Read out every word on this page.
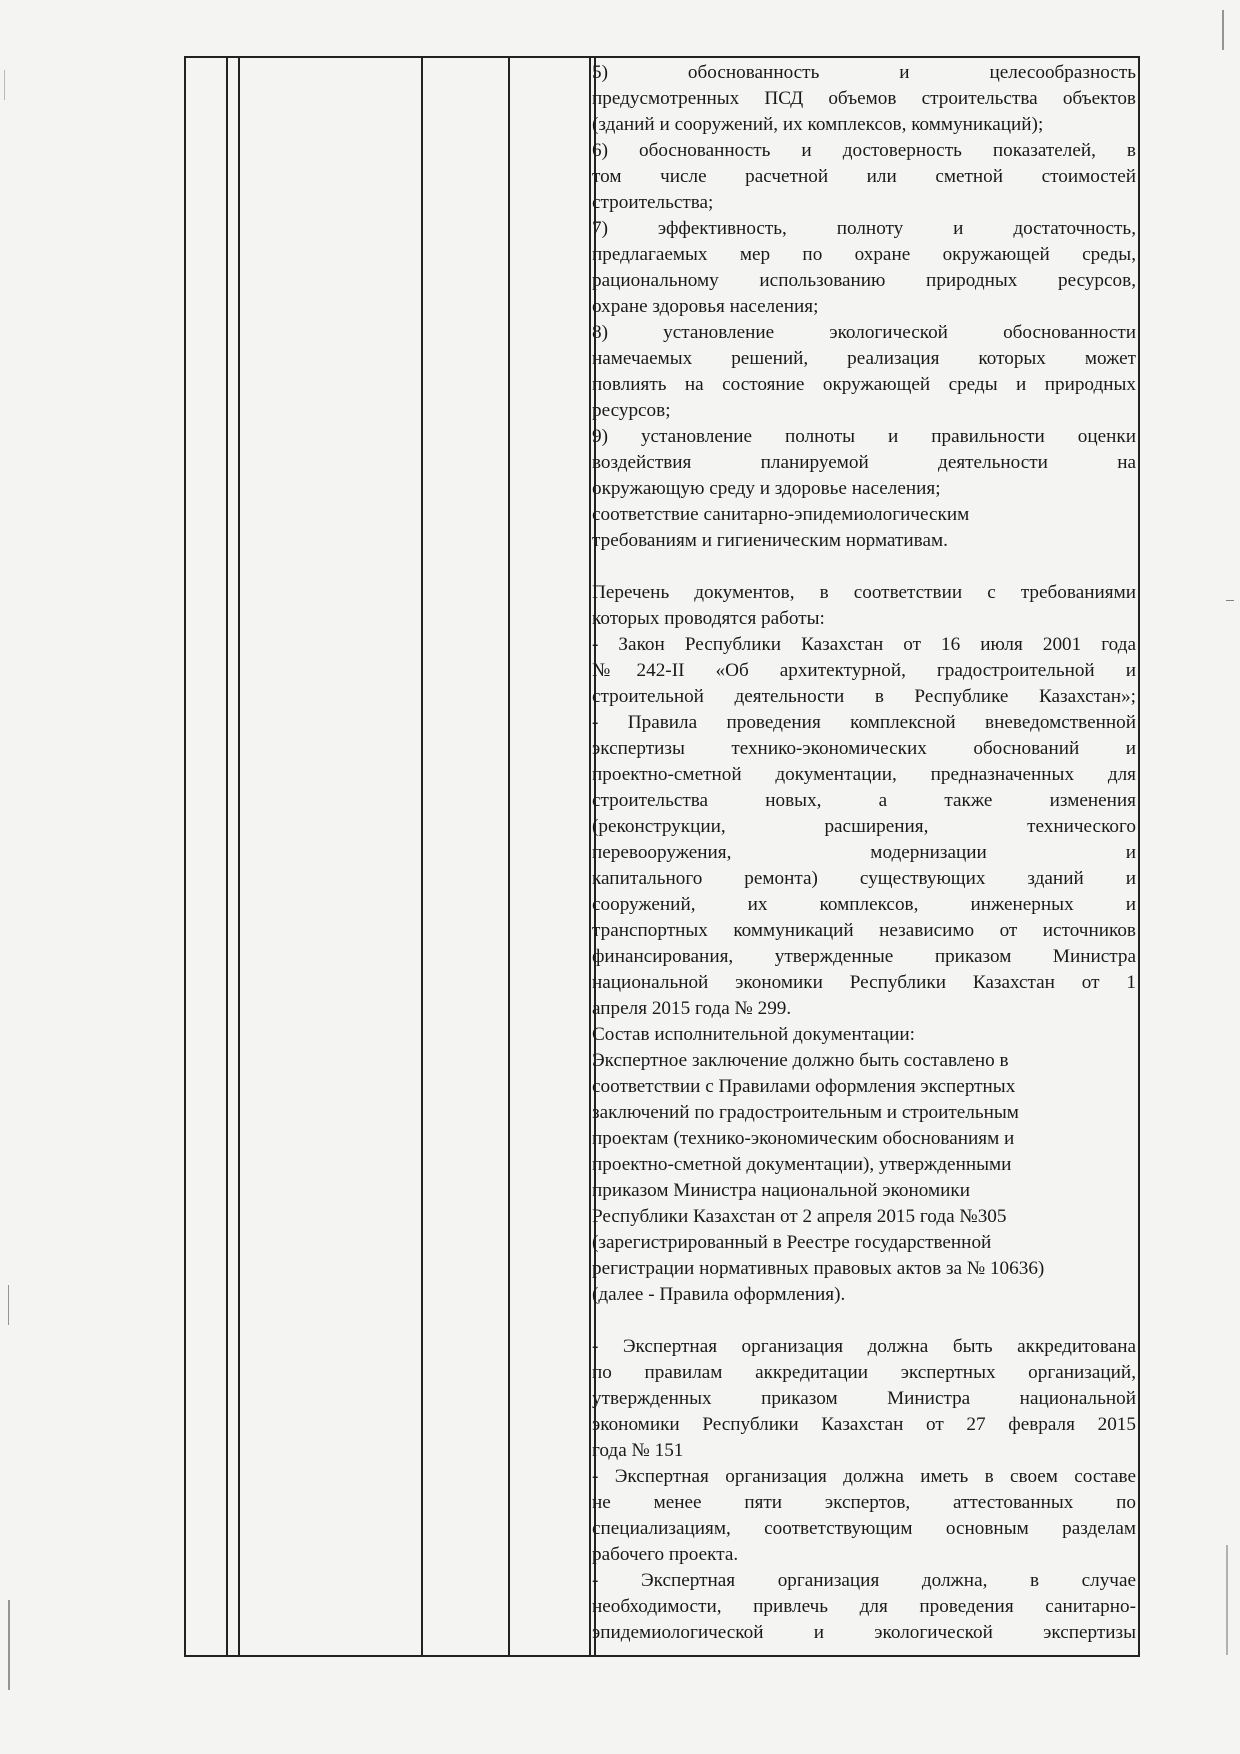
5) обоснованность и целесообразность

предусмотренных ПСД объемов строительства объектов

(зданий и сооружений, их комплексов, коммуникаций);

6) обоснованность и достоверность показателей, в

том числе расчетной или сметной стоимостей

строительства;

7) эффективность, полноту и достаточность,

предлагаемых мер по охране окружающей среды,

рациональному использованию природных ресурсов,

охране здоровья населения;

8) установление экологической обоснованности

намечаемых решений, реализация которых может

повлиять на состояние окружающей среды и природных

ресурсов;

9) установление полноты и правильности оценки

воздействия планируемой деятельности на

окружающую среду и здоровье населения;

соответствие санитарно-эпидемиологическим

требованиям и гигиеническим нормативам.

Перечень документов, в соответствии с требованиями

которых проводятся работы:

- Закон Республики Казахстан от 16 июля 2001 года

№242-II «Об архитектурной, градостроительной и

строительной деятельности в Республике Казахстан»;

- Правила проведения комплексной вневедомственной

экспертизы технико-экономических обоснований и

проектно-сметной документации, предназначенных для

строительства новых, а также изменения

(реконструкции, расширения, технического

перевооружения, модернизации и

капитального ремонта) существующих зданий и

сооружений, их комплексов, инженерных и

транспортных коммуникаций независимо от источников

финансирования, утвержденные приказом Министра

национальной экономики Республики Казахстан от 1

апреля 2015 года № 299.

Состав исполнительной документации:

Экспертное заключение должно быть составлено в

соответствии с Правилами оформления экспертных

заключений по градостроительным и строительным

проектам (технико-экономическим обоснованиям и

проектно-сметной документации), утвержденными

приказом Министра национальной экономики

Республики Казахстан от 2 апреля 2015 года №305

(зарегистрированный в Реестре государственной

регистрации нормативных правовых актов за № 10636)

(далее - Правила оформления).

- Экспертная организация должна быть аккредитована

по правилам аккредитации экспертных организаций,

утвержденных приказом Министра национальной

экономики Республики Казахстан от 27 февраля 2015

года № 151

- Экспертная организация должна иметь в своем составе

не менее пяти экспертов, аттестованных по

специализациям, соответствующим основным разделам

рабочего проекта.

- Экспертная организация должна, в случае

необходимости, привлечь для проведения санитарно-

эпидемиологической и экологической экспертизы
